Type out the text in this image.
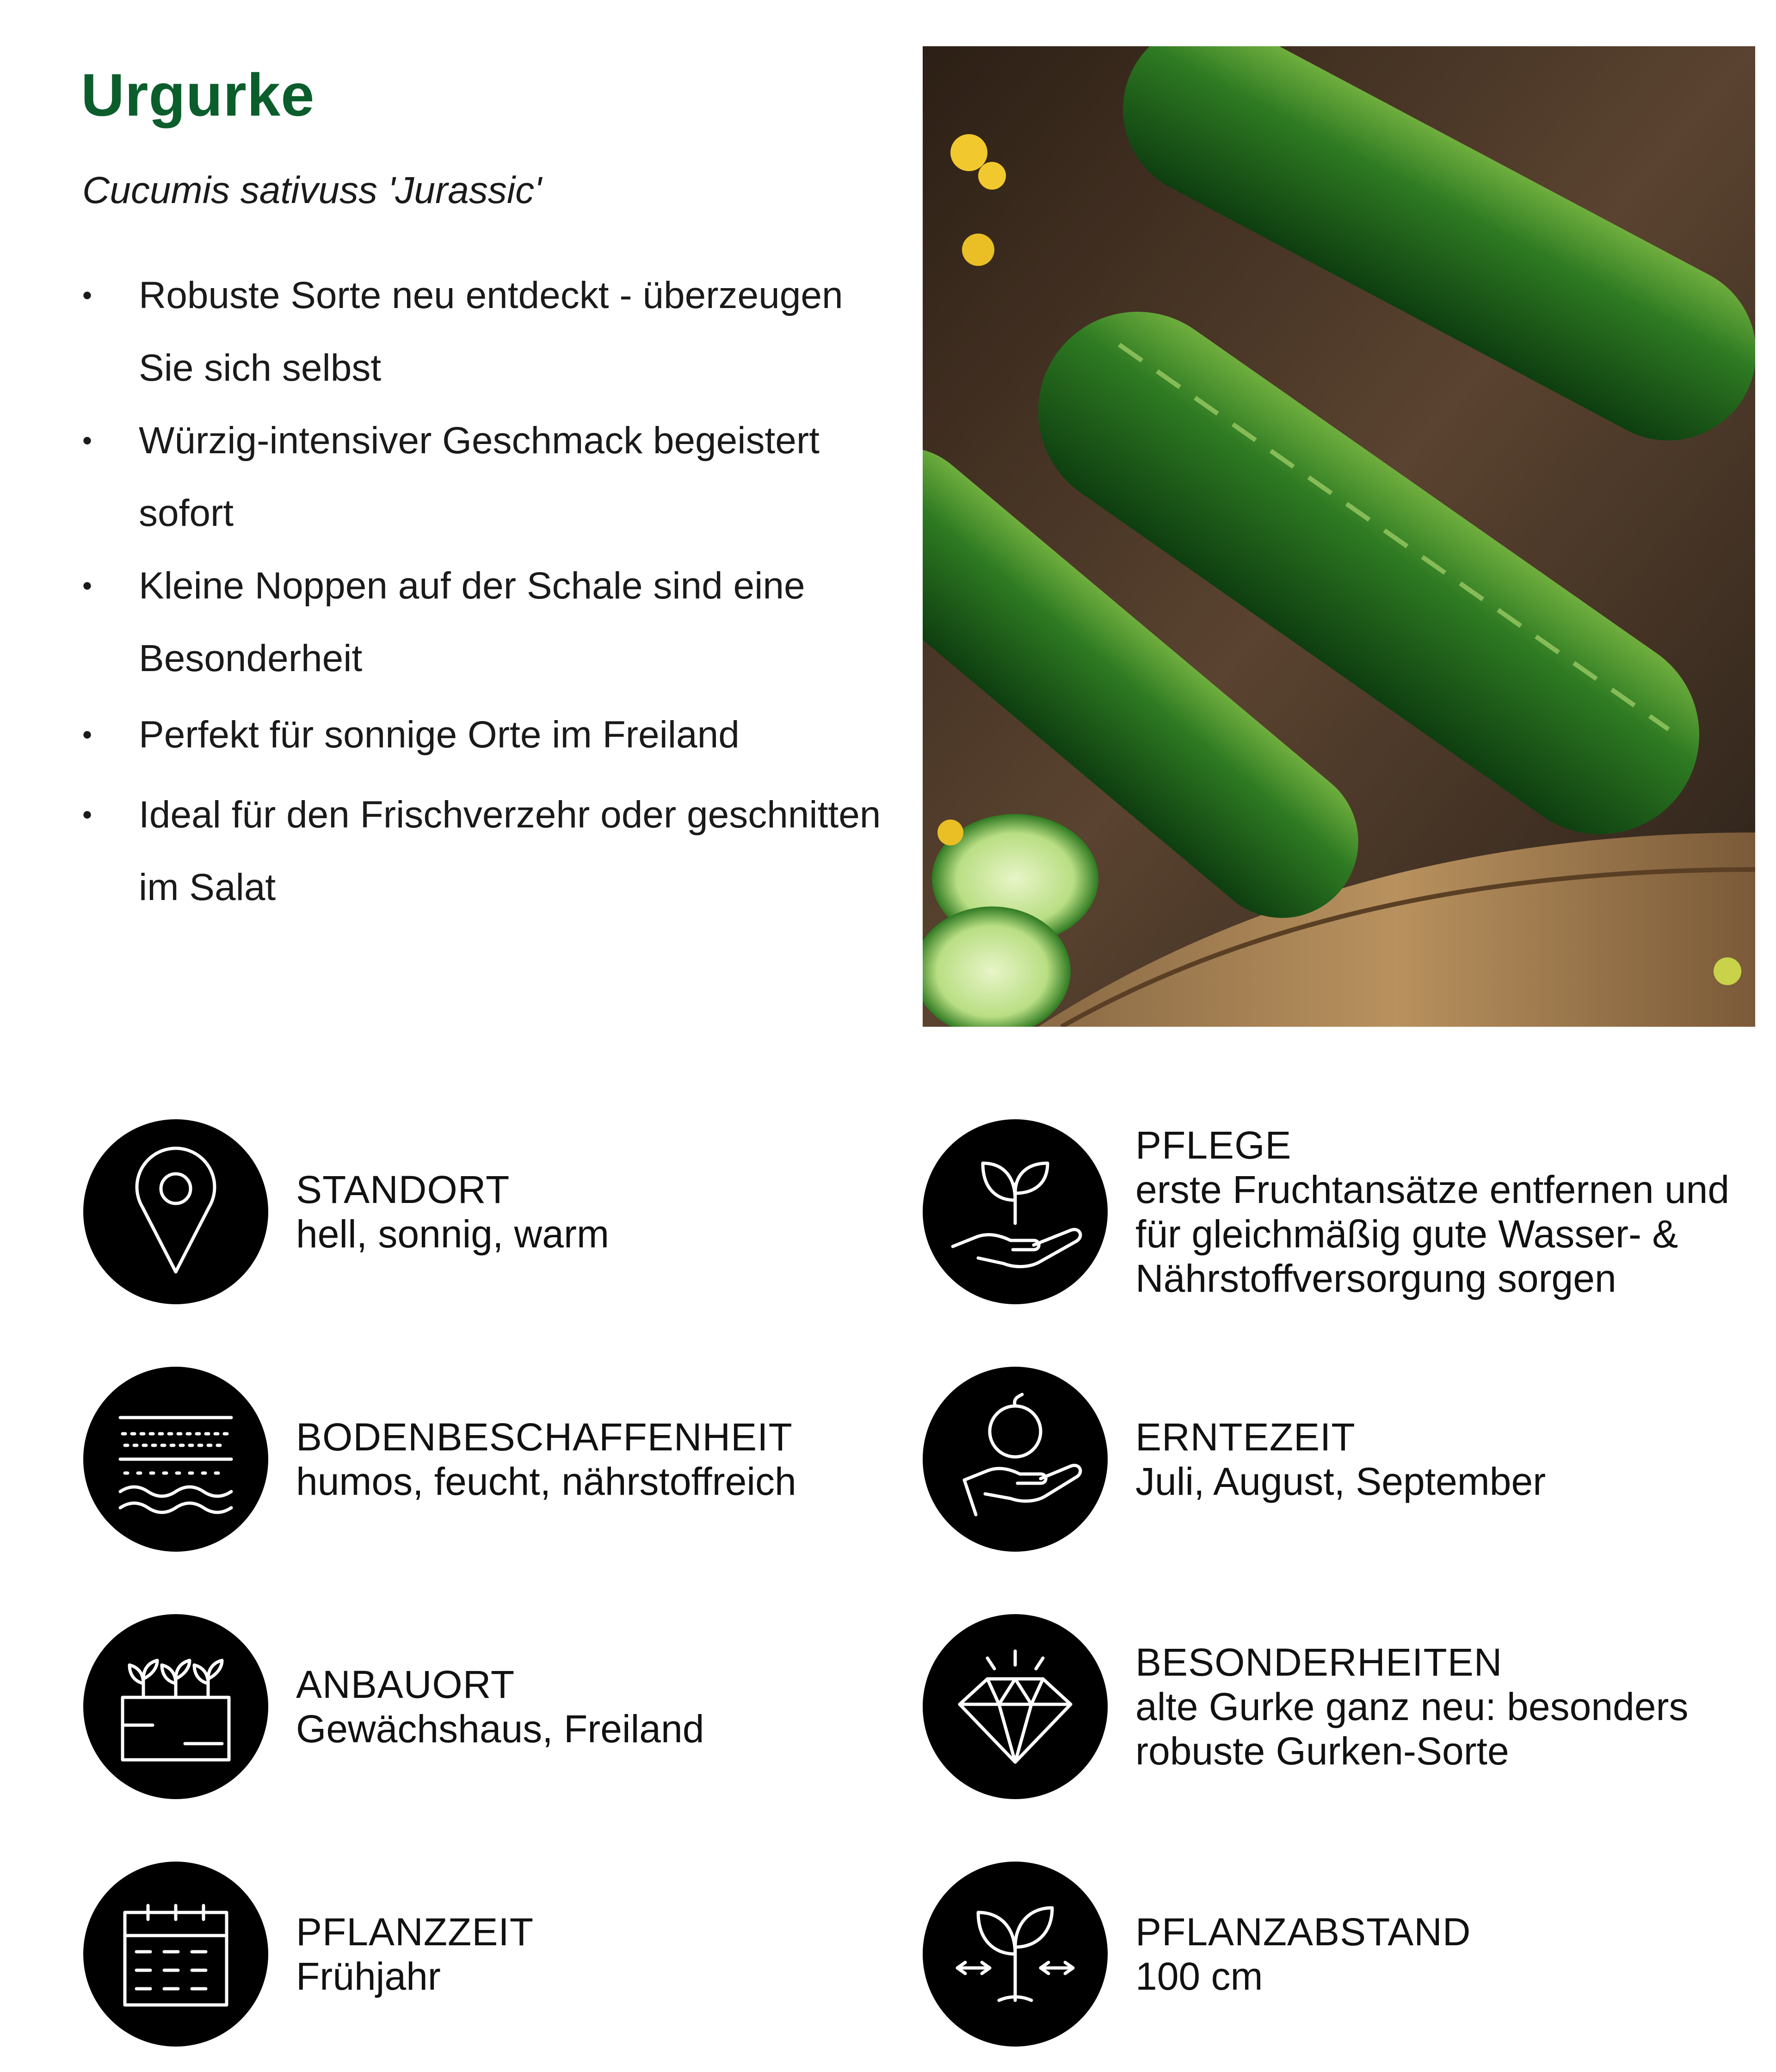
Urgurke
Cucumis sativuss 'Jurassic'
• Robuste Sorte neu entdeckt - überzeugen Sie sich selbst
• Würzig-intensiver Geschmack begeistert sofort
• Kleine Noppen auf der Schale sind eine Besonderheit
• Perfekt für sonnige Orte im Freiland
• Ideal für den Frischverzehr oder geschnitten im Salat
STANDORT
hell, sonnig, warm
PFLEGE
erste Fruchtansätze entfernen und für gleichmäßig gute Wasser- & Nährstoffversorgung sorgen
BODENBESCHAFFENHEIT
humos, feucht, nährstoffreich
ERNTEZEIT
Juli, August, September
ANBAUORT
Gewächshaus, Freiland
BESONDERHEITEN
alte Gurke ganz neu: besonders robuste Gurken-Sorte
PFLANZZEIT
Frühjahr
PFLANZABSTAND
100 cm
